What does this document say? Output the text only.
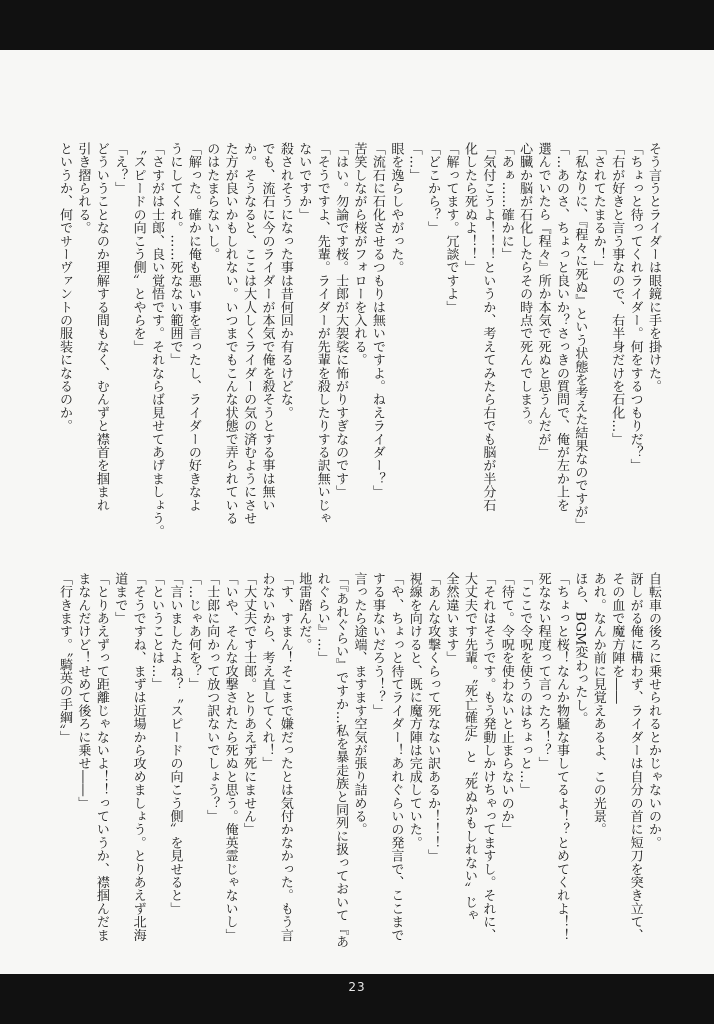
そう言うとライダーは眼鏡に手を掛けた。
「ちょっと待ってくれライダー。何をするつもりだ？」
「右が好きと言う事なので、右半身だけを石化…」
「されてたまるか！」
「私なりに、『程々に死ぬ』という状態を考えた結果なのですが」
「…あのさ、ちょっと良いか？さっきの質問で、俺が左か上を
選んでいたら『程々』所か本気で死ぬと思うんだが」
心臓か脳が石化したらその時点で死んでしまう。
「あぁ……確かに」
「気付こうよ！！！というか、考えてみたら右でも脳が半分石
化したら死ぬよ！！」
「解ってます。冗談ですよ」
「どこから？」
「…」
眼を逸らしやがった。
「流石に石化させるつもりは無いですよ。ねえライダー？」
苦笑しながら桜がフォローを入れる。
「はい。勿論です桜。士郎が大袈裟に怖がりすぎなのです」
「そうですよ、先輩。ライダーが先輩を殺したりする訳無いじゃ
ないですか」
殺されそうになった事は昔何回か有るけどな。
でも、流石に今のライダーが本気で俺を殺そうとする事は無い
か。そうなると、ここは大人しくライダーの気の済むようにさせ
た方が良いかもしれない。いつまでもこんな状態で弄られている
のはたまらないし。
「解った。確かに俺も悪い事を言ったし、ライダーの好きなよ
うにしてくれ。……死なない範囲で」
「さすがは士郎、良い覚悟です。それならば見せてあげましょう。
〝スピードの向こう側〟とやらを」
「え？」
どういうことなのか理解する間もなく、むんずと襟首を掴まれ
引き摺られる。
というか、何でサーヴァントの服装になるのか。
自転車の後ろに乗せられるとかじゃないのか。
訝しがる俺に構わず、ライダーは自分の首に短刀を突き立て、
その血で魔方陣を――
あれ。なんか前に見覚えあるよ、この光景。
ほら、BGM変わったし。
「ちょっと桜！なんか物騒な事してるよ！？とめてくれよ！！
死なない程度って言ったろ！？」
「ここで令呪を使うのはちょっと…」
「待て。令呪を使わないと止まらないのか」
「それはそうです。もう発動しかけちゃってますし。それに、
大丈夫です先輩。〝死亡確定〟と〝死ぬかもしれない〟じゃ
全然違います」
「あんな攻撃くらって死なない訳あるか！！！」
視線を向けると、既に魔方陣は完成していた。
「や、ちょっと待てライダー！あれぐらいの発言で、ここまで
する事ないだろう！？」
言ったら途端、ますます空気が張り詰める。
「『あれぐらい』ですか…私を暴走族と同列に扱っておいて『あ
れぐらい』…」
地雷踏んだ。
「す、すまん！そこまで嫌だったとは気付かなかった。もう言
わないから、考え直してくれ！」
「大丈夫です士郎。とりあえず死にません」
「いや、そんな攻撃されたら死ぬと思う。俺英霊じゃないし」
「士郎に向かって放つ訳ないでしょう？」
「…じゃあ何を？」
「言いましたよね？〝スピードの向こう側〟を見せると」
「ということは…」
「そうですね、まずは近場から攻めましょう。とりあえず北海
道まで」
「とりあえずって距離じゃないよ！！っていうか、襟掴んだま
まなんだけど！せめて後ろに乗せ――」
「行きます。〝騎英の手綱〟」
23
